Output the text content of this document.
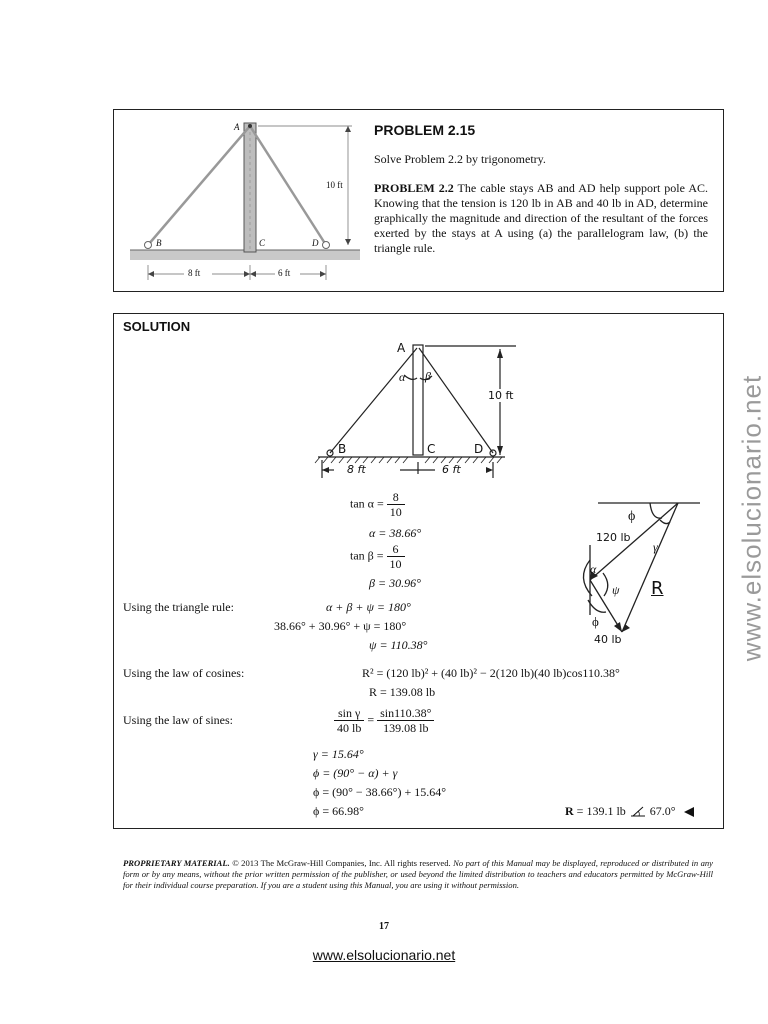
A
B	C	D
10 ft
8 ft	6 ft
PROBLEM 2.15
Solve Problem 2.2 by trigonometry.
PROBLEM 2.2 The cable stays AB and AD help support pole AC. Knowing that the tension is 120 lb in AB and 40 lb in AD, determine graphically the magnitude and direction of the resultant of the forces exerted by the stays at A using (a) the parallelogram law, (b) the triangle rule.
SOLUTION
A
B	C	D
α β
10 ft
8 ft	6 ft
ϕ
120 lb
γ
α
ψ R
ϕ
40 lb
$\tan \alpha = \frac{8}{10}$
α = 38.66°
$\tan \beta = \frac{6}{10}$
β = 30.96°
Using the triangle rule:	α + β + ψ = 180°
38.66° + 30.96° + ψ = 180°
ψ = 110.38°
Using the law of cosines:	R² = (120 lb)² + (40 lb)² − 2(120 lb)(40 lb)cos110.38°
R = 139.08 lb
Using the law of sines:	$\frac{\text{sin γ}}{40 lb} = \frac{\sin 110.38^\circ}{139.08 lb}$
γ = 15.64°
ϕ = (90° − α) + γ
ϕ = (90° − 38.66°) + 15.64°
ϕ = 66.98°	R = 139.1 lb 67.0°
www.elsolucionario.net
PROPRIETARY MATERIAL. © 2013 The McGraw-Hill Companies, Inc. All rights reserved. No part of this Manual may be displayed, reproduced or distributed in any form or by any means, without the prior written permission of the publisher, or used beyond the limited distribution to teachers and educators permitted by McGraw-Hill for their individual course preparation. If you are a student using this Manual, you are using it without permission.
17
www.elsolucionario.net
